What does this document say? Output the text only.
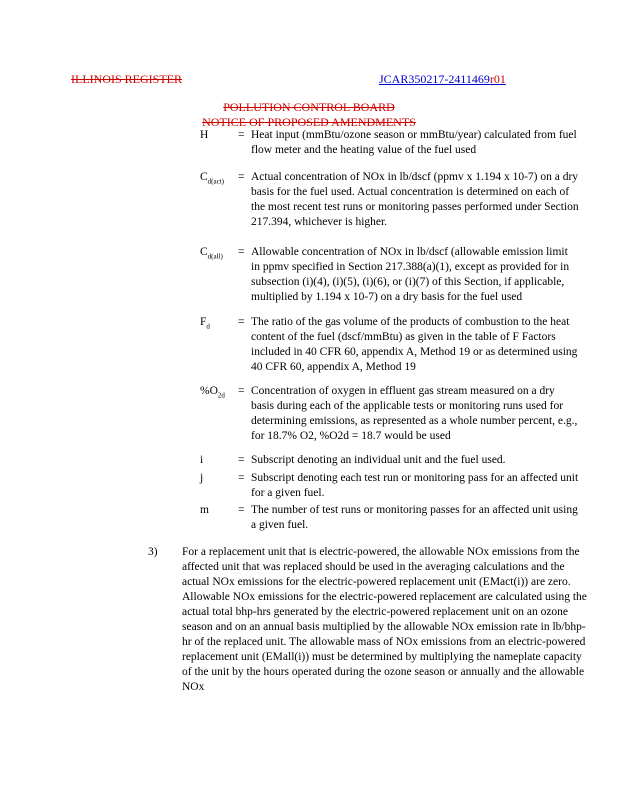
ILLINOIS REGISTER	JCAR350217-2411469r01
POLLUTION CONTROL BOARD
NOTICE OF PROPOSED AMENDMENTS
H	= Heat input (mmBtu/ozone season or mmBtu/year) calculated from fuel flow meter and the heating value of the fuel used
$C_{d(act)}$	= Actual concentration of NOx in lb/dscf (ppmv x 1.194 x 10-7) on a dry basis for the fuel used. Actual concentration is determined on each of the most recent test runs or monitoring passes performed under Section 217.394, whichever is higher.
$C_{d(all)}$	= Allowable concentration of NOx in lb/dscf (allowable emission limit in ppmv specified in Section 217.388(a)(1), except as provided for in subsection (i)(4), (i)(5), (i)(6), or (i)(7) of this Section, if applicable, multiplied by 1.194 x 10-7) on a dry basis for the fuel used
$F_d$	= The ratio of the gas volume of the products of combustion to the heat content of the fuel (dscf/mmBtu) as given in the table of F Factors included in 40 CFR 60, appendix A, Method 19 or as determined using 40 CFR 60, appendix A, Method 19
$\%O_{2d}$	= Concentration of oxygen in effluent gas stream measured on a dry basis during each of the applicable tests or monitoring runs used for determining emissions, as represented as a whole number percent, e.g., for 18.7% O2, %O2d = 18.7 would be used
i	= Subscript denoting an individual unit and the fuel used.
j	= Subscript denoting each test run or monitoring pass for an affected unit for a given fuel.
m	= The number of test runs or monitoring passes for an affected unit using a given fuel.
3) For a replacement unit that is electric-powered, the allowable NOx emissions from the affected unit that was replaced should be used in the averaging calculations and the actual NOx emissions for the electric-powered replacement unit (EMact(i)) are zero. Allowable NOx emissions for the electric-powered replacement are calculated using the actual total bhp-hrs generated by the electric-powered replacement unit on an ozone season and on an annual basis multiplied by the allowable NOx emission rate in lb/bhp-hr of the replaced unit. The allowable mass of NOx emissions from an electric-powered replacement unit (EMall(i)) must be determined by multiplying the nameplate capacity of the unit by the hours operated during the ozone season or annually and the allowable NOx
